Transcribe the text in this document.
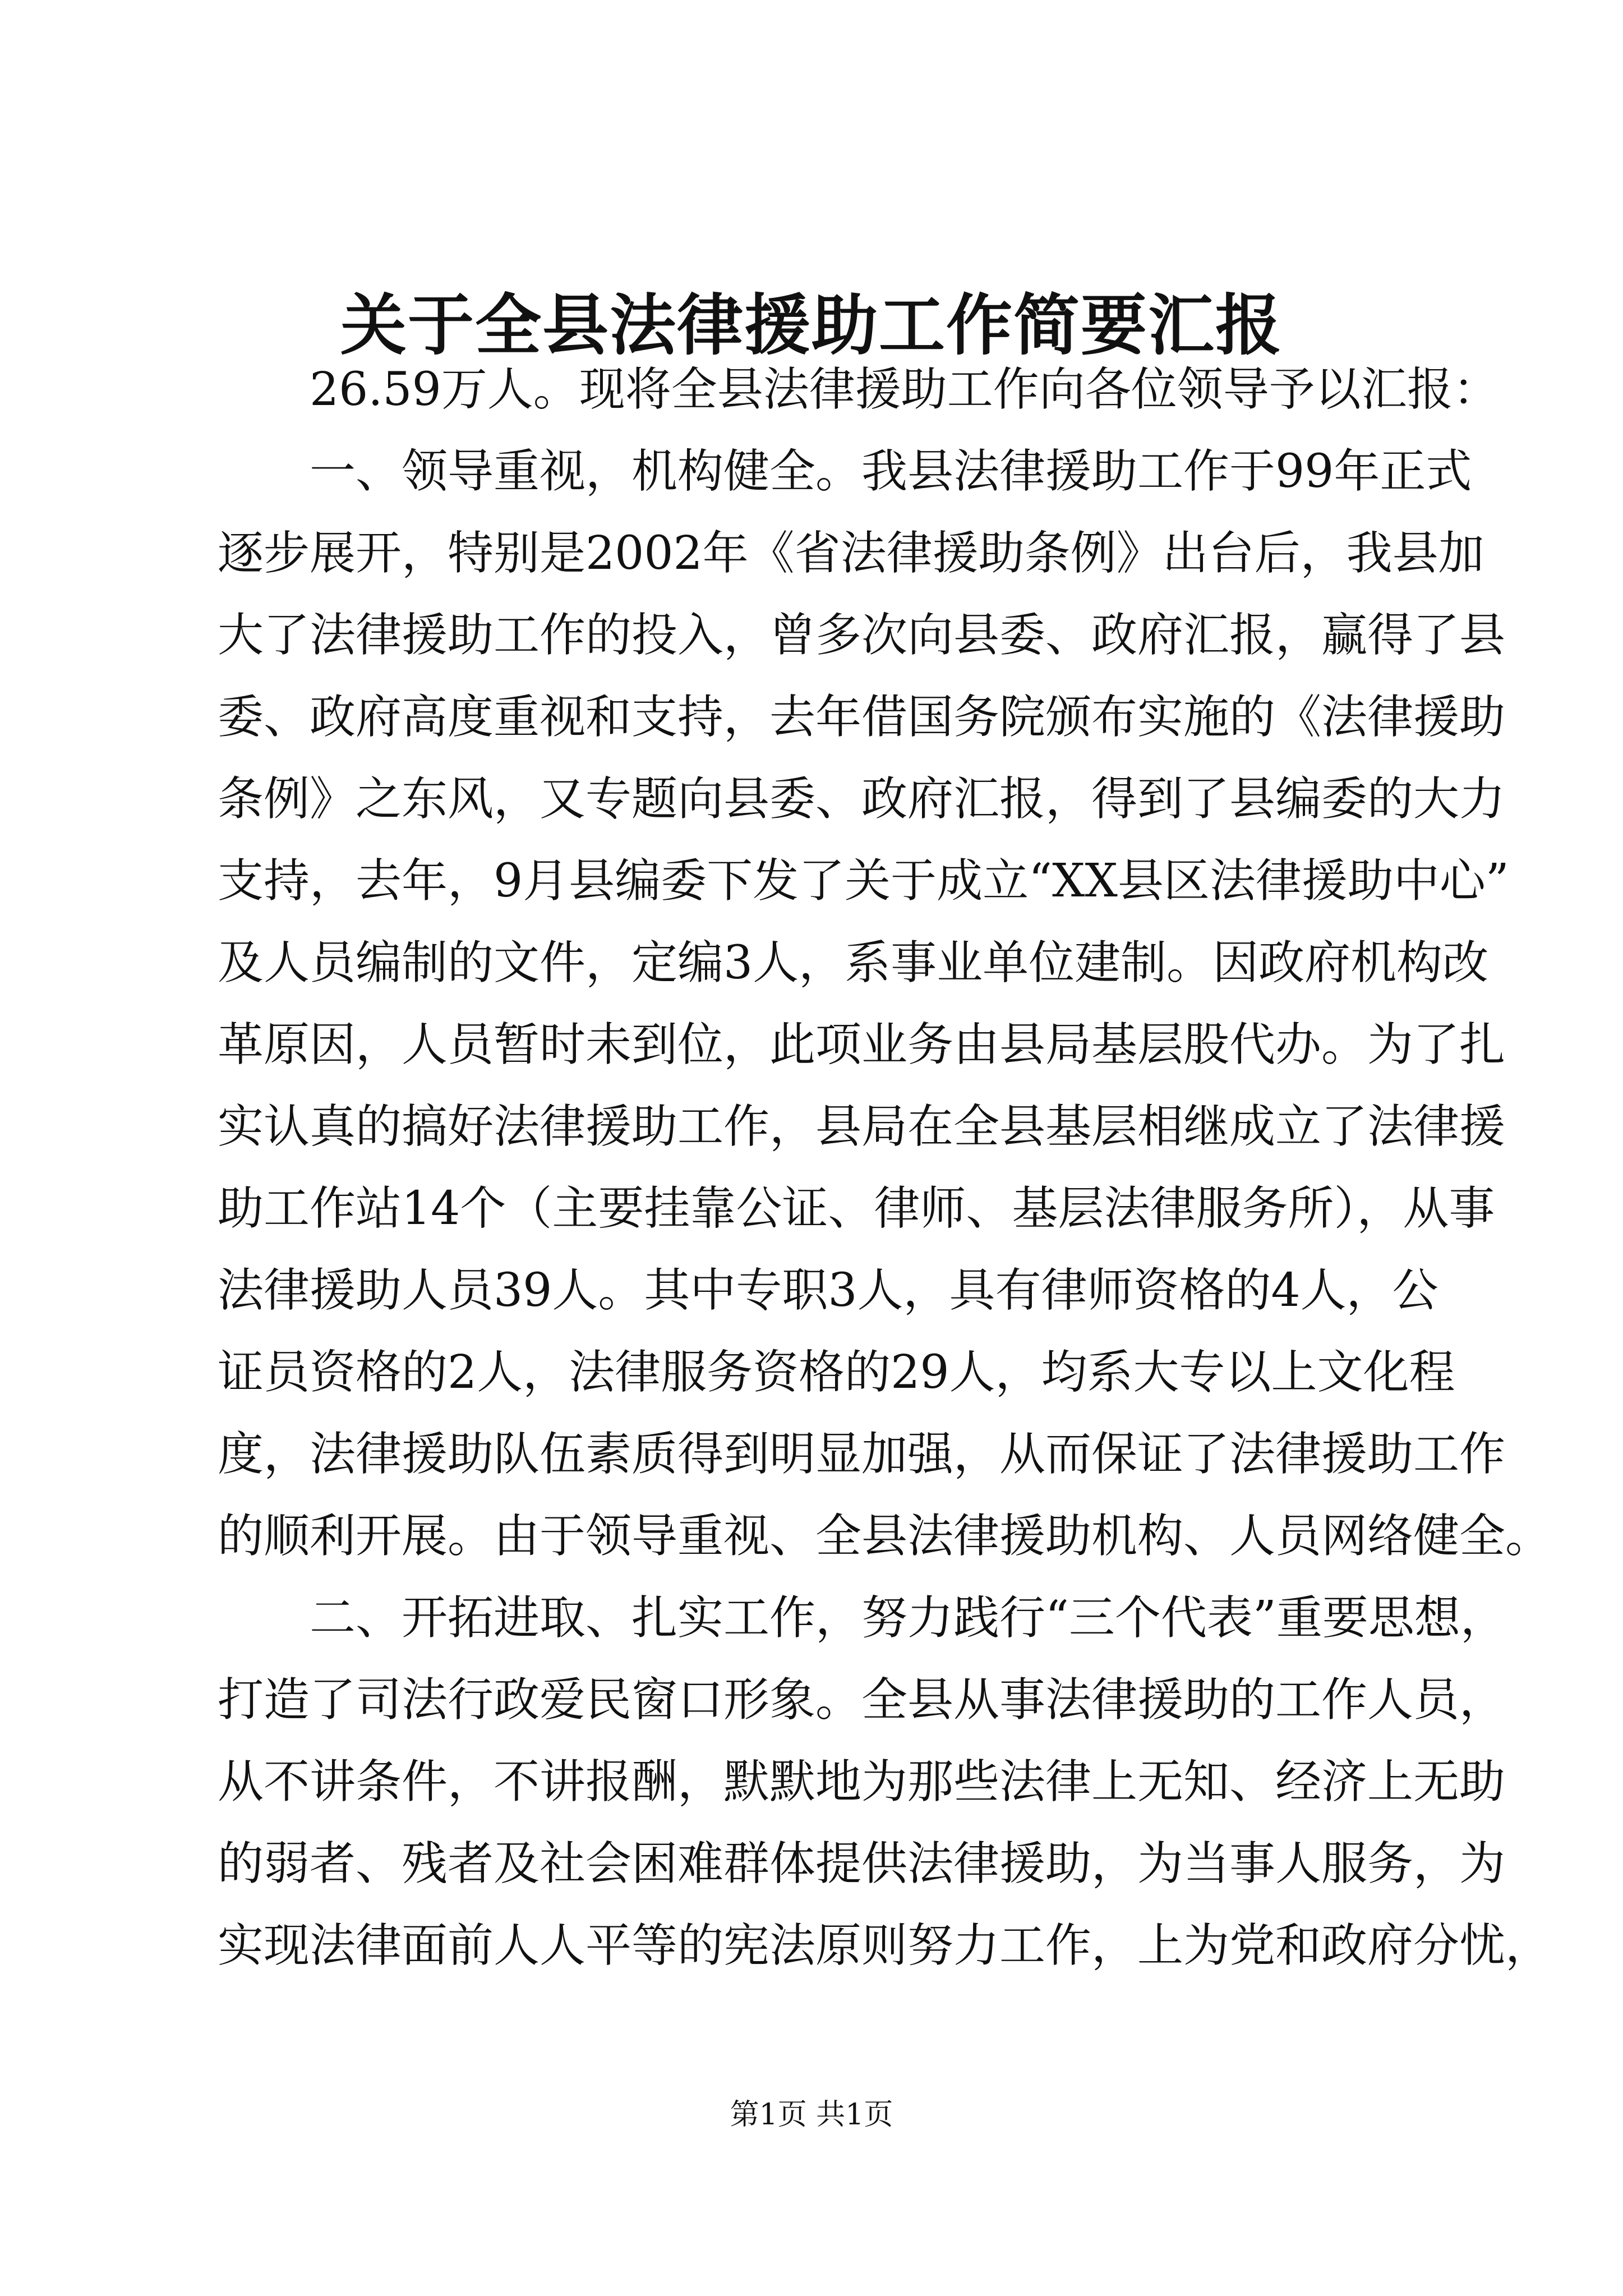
关于全县法律援助工作简要汇报
26.59万人。现将全县法律援助工作向各位领导予以汇报：
一、领导重视，机构健全。我县法律援助工作于99年正式
逐步展开，特别是2002年《省法律援助条例》出台后，我县加
大了法律援助工作的投入，曾多次向县委、政府汇报，赢得了县
委、政府高度重视和支持，去年借国务院颁布实施的《法律援助
条例》之东风，又专题向县委、政府汇报，得到了县编委的大力
支持，去年，9月县编委下发了关于成立“XX县区法律援助中心”
及人员编制的文件，定编3人，系事业单位建制。因政府机构改
革原因，人员暂时未到位，此项业务由县局基层股代办。为了扎
实认真的搞好法律援助工作，县局在全县基层相继成立了法律援
助工作站14个（主要挂靠公证、律师、基层法律服务所），从事
法律援助人员39人。其中专职3人，具有律师资格的4人，公
证员资格的2人，法律服务资格的29人，均系大专以上文化程
度，法律援助队伍素质得到明显加强，从而保证了法律援助工作
的顺利开展。由于领导重视、全县法律援助机构、人员网络健全。
二、开拓进取、扎实工作，努力践行“三个代表”重要思想，
打造了司法行政爱民窗口形象。全县从事法律援助的工作人员，
从不讲条件，不讲报酬，默默地为那些法律上无知、经济上无助
的弱者、残者及社会困难群体提供法律援助，为当事人服务，为
实现法律面前人人平等的宪法原则努力工作，上为党和政府分忧，
第1页 共1页
